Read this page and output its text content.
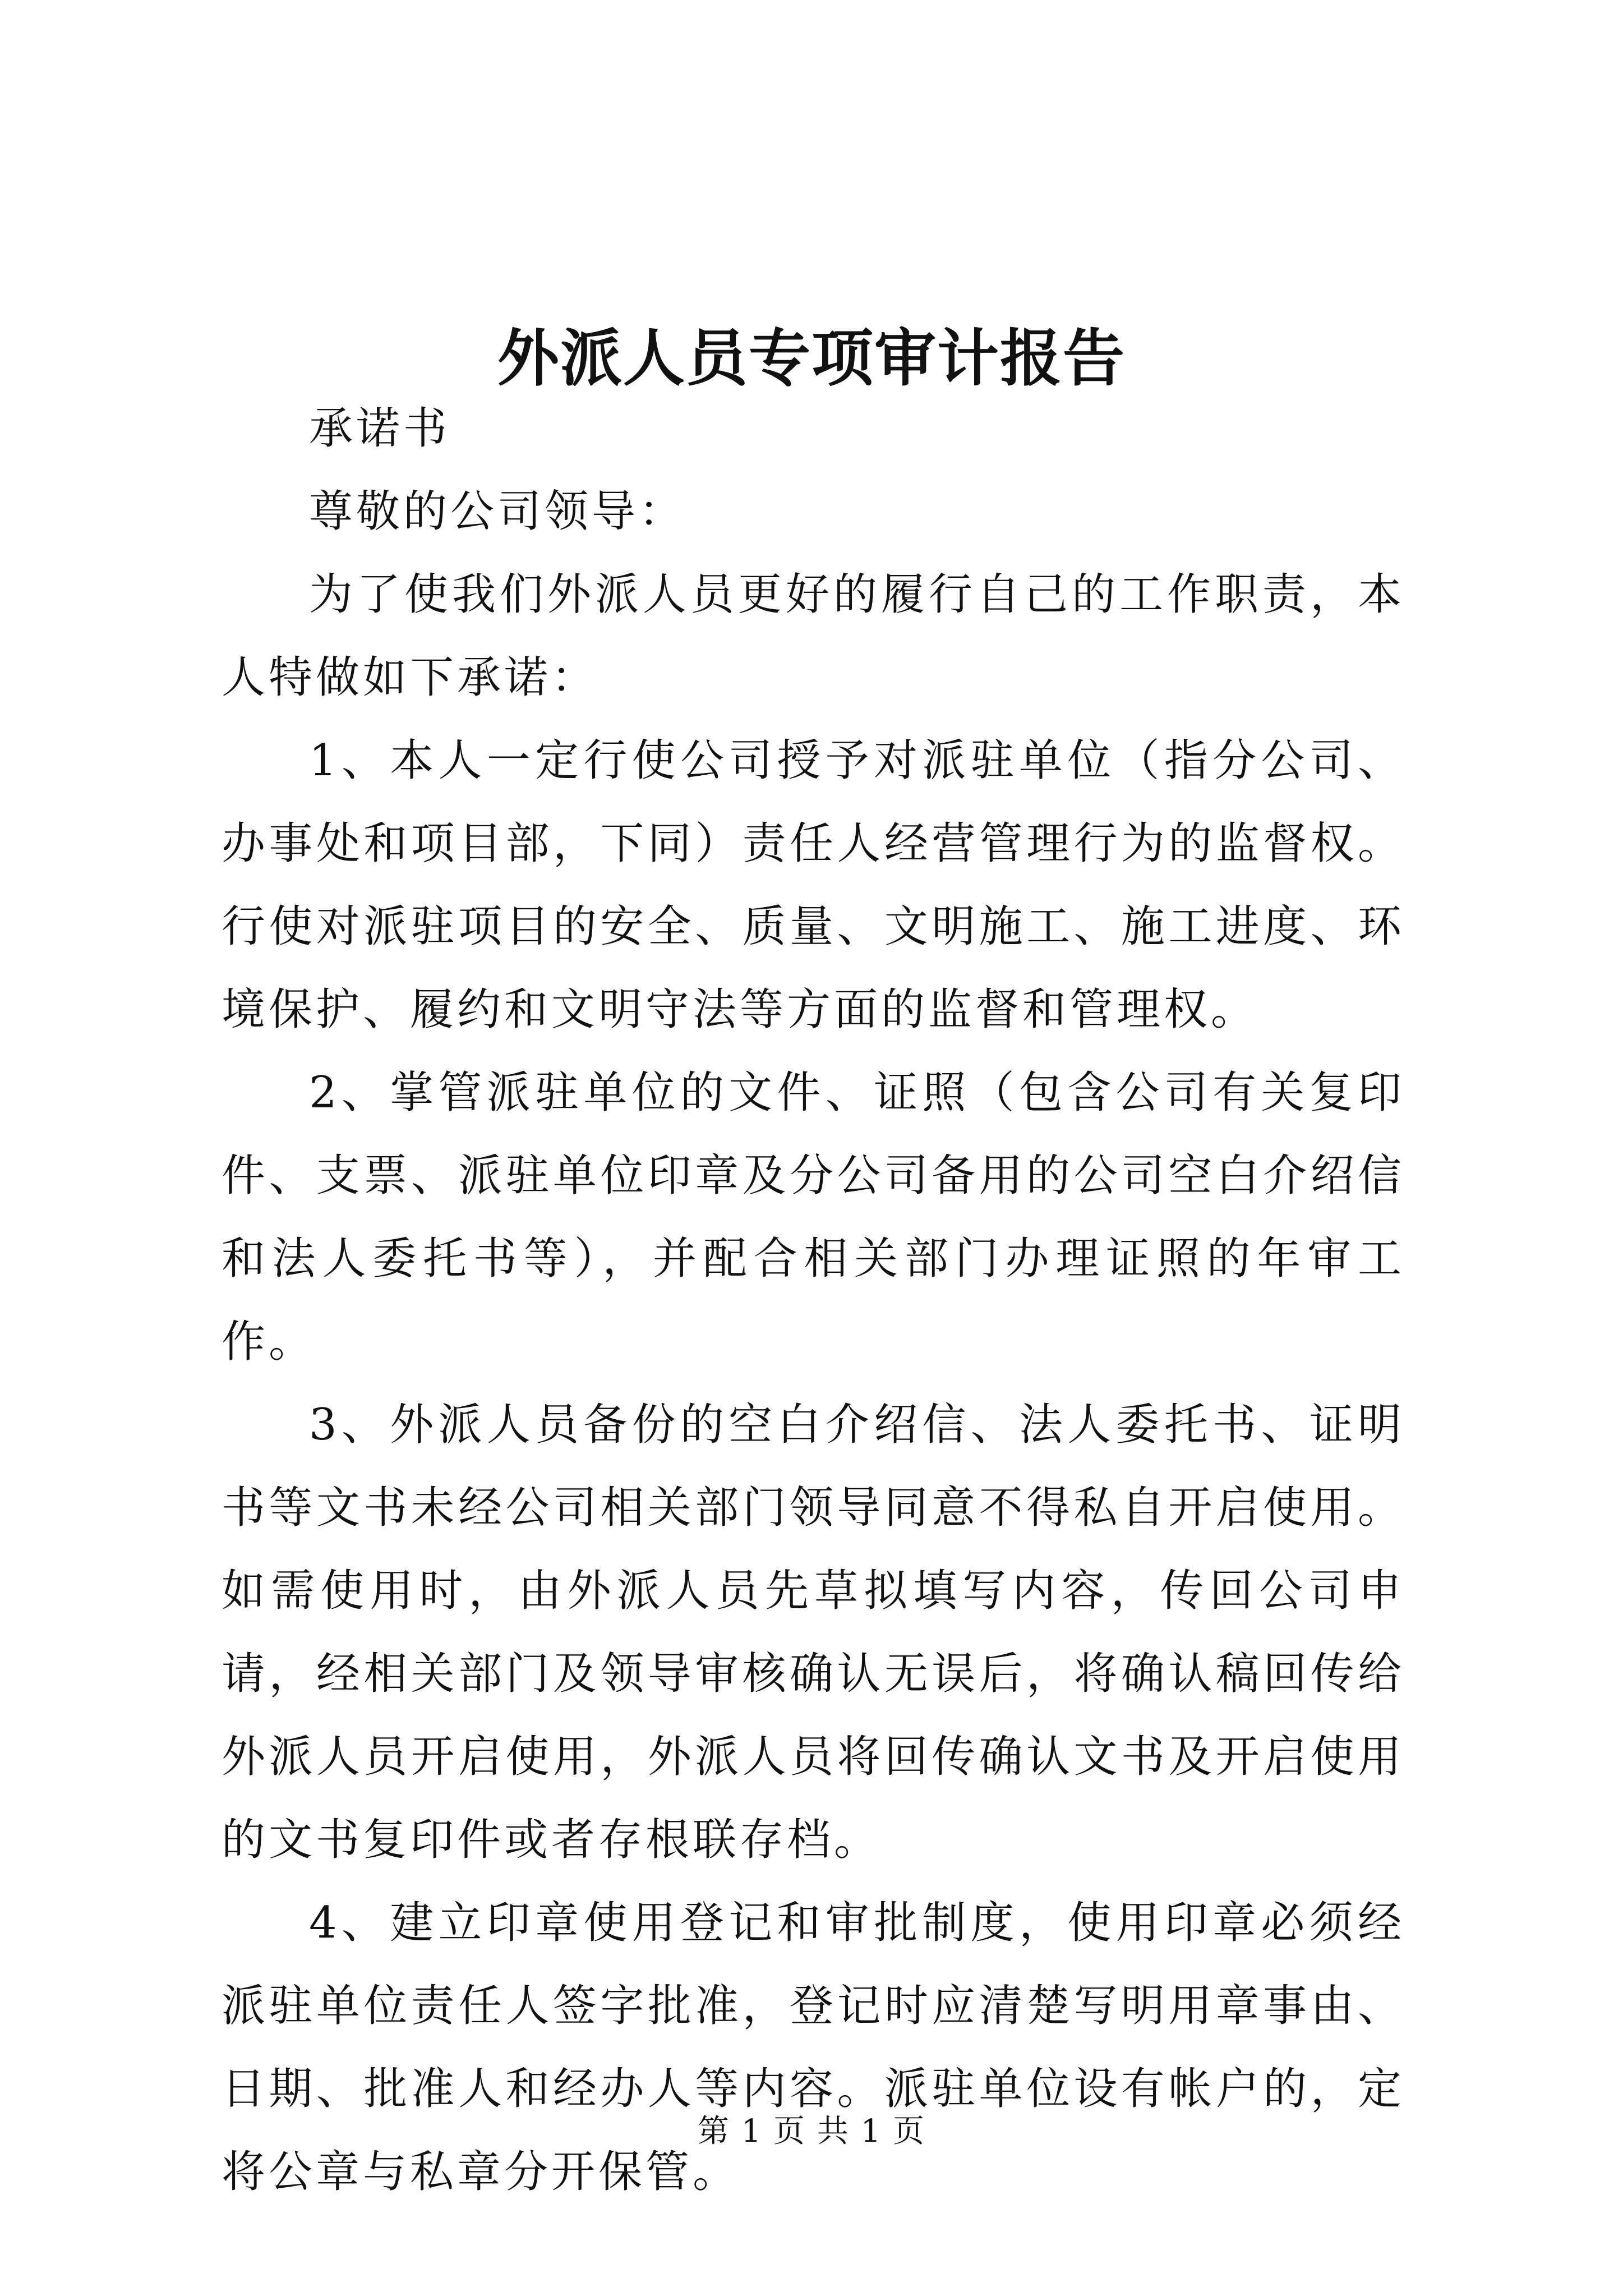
外派人员专项审计报告

承诺书

尊敬的公司领导：

为了使我们外派人员更好的履行自己的工作职责，本人特做如下承诺：

1、本人一定行使公司授予对派驻单位（指分公司、办事处和项目部，下同）责任人经营管理行为的监督权。行使对派驻项目的安全、质量、文明施工、施工进度、环境保护、履约和文明守法等方面的监督和管理权。

2、掌管派驻单位的文件、证照（包含公司有关复印件、支票、派驻单位印章及分公司备用的公司空白介绍信和法人委托书等），并配合相关部门办理证照的年审工作。

3、外派人员备份的空白介绍信、法人委托书、证明书等文书未经公司相关部门领导同意不得私自开启使用。如需使用时，由外派人员先草拟填写内容，传回公司申请，经相关部门及领导审核确认无误后，将确认稿回传给外派人员开启使用，外派人员将回传确认文书及开启使用的文书复印件或者存根联存档。

4、建立印章使用登记和审批制度，使用印章必须经派驻单位责任人签字批准，登记时应清楚写明用章事由、日期、批准人和经办人等内容。派驻单位设有帐户的，定将公章与私章分开保管。

第 1 页 共 1 页
